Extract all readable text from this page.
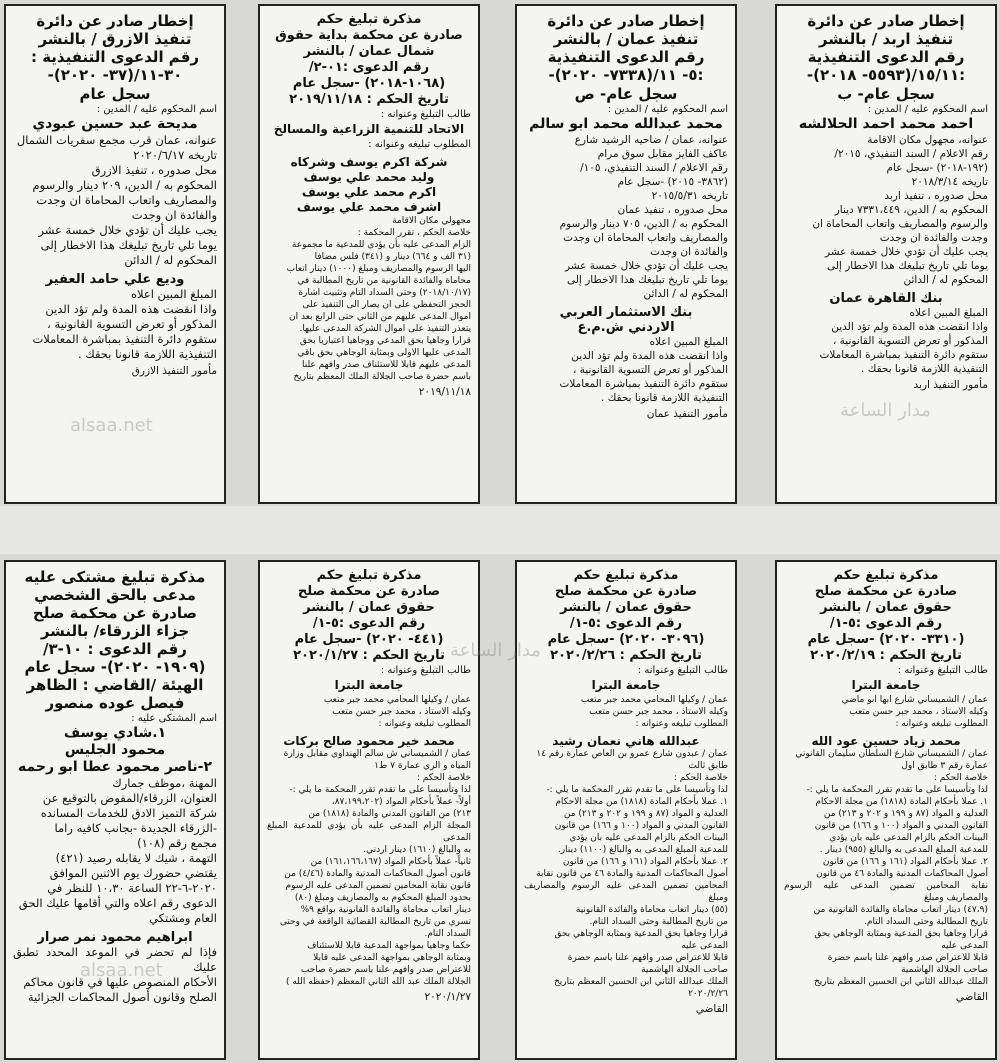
إخطار صادر عن دائرة
تنفيذ اربد / بالنشر
رقم الدعوى التنفيذية
:١٥/١١/(٥٥٩٣- ٢٠١٨)-
سجل عام- ب
اسم المحكوم عليه / المدين :
احمد محمد احمد الحلالشه
عنوانه، مجهول مكان الاقامة
رقم الاعلام / السند التنفيذي، ٢٠١٥/
(١٩٢-٢٠١٨) -سجل عام
تاريخه ٢٠١٨/٣/١٤
محل صدوره ، تنفيذ اربد
المحكوم به / الدين، ٧٣٣١،٤٤٩ دينار
والرسوم والمصاريف واتعاب المحاماة ان
وجدت والفائدة ان وجدت
يجب عليك أن تؤدي خلال خمسة عشر
يوما تلي تاريخ تبليغك هذا الاخطار إلى
المحكوم له / الدائن
بنك القاهرة عمان
المبلغ المبين اعلاه
واذا انقضت هذه المدة ولم تؤد الدين
المذكور أو تعرض التسوية القانونية ،
ستقوم دائرة التنفيذ بمباشرة المعاملات
التنفيذية اللازمة قانونا بحقك .
مأمور التنفيذ اربد
إخطار صادر عن دائرة
تنفيذ عمان / بالنشر
رقم الدعوى التنفيذية
:٥- ١١/(٧٣٣٨- ٢٠٢٠)-
سجل عام- ص
اسم المحكوم عليه / المدين :
محمد عبدالله محمد ابو سالم
عنوانه، عمان / ضاحيه الرشيد شارع
عاكف الفايز مقابل سوق مرام
رقم الاعلام / السند التنفيذي، ١٠٥/
(٣٨٦٢- ٢٠١٥) -سجل عام
تاريخه ٢٠١٥/٥/٣١
محل صدوره ، تنفيذ عمان
المحكوم به / الدين، ٧٠٥ دينار والرسوم
والمصاريف واتعاب المحاماة ان وجدت
والفائدة ان وجدت
يجب عليك أن تؤدي خلال خمسة عشر
يوما تلي تاريخ تبليغك هذا الاخطار إلى
المحكوم له / الدائن
بنك الاستثمار العربي
الاردني ش.م.ع
المبلغ المبين اعلاه
واذا انقضت هذه المدة ولم تؤد الدين
المذكور أو تعرض التسوية القانونية ،
ستقوم دائرة التنفيذ بمباشرة المعاملات
التنفيذية اللازمة قانونا بحقك .
مأمور التنفيذ عمان
مذكرة تبليغ حكم
صادرة عن محكمة بداية حقوق
شمال عمان / بالنشر
رقم الدعوى :٠١-٢/
(١٠٦٨-٢٠١٨) -سجل عام
تاريخ الحكم : ٢٠١٩/١١/١٨
طالب التبليغ وعنوانه :
الاتحاد للتنمية الزراعية والمسالخ
المطلوب تبليغه وعنوانه :
شركة اكرم يوسف وشركاه
وليد محمد علي يوسف
اكرم محمد علي يوسف
اشرف محمد علي يوسف
مجهولي مكان الاقامة
خلاصة الحكم ، تقرر المحكمة :
الزام المدعى عليه بأن يؤدي للمدعية ما مجموعة
(٣١ الف و ٦٦٤) دينار و (٣٤١) فلس مضافا
اليها الرسوم والمصاريف ومبلغ (١٠٠٠) دينار اتعاب
محاماة والفائدة القانونية من تاريخ المطالبة في
(٢٠١٨/١٠/١٧) وحتى السداد التام وتثبيت اشارة
الحجز التحفظي على ان يصار الى التنفيذ على
اموال المدعى عليهم من الثاني حتى الرابع بعد ان
يتعذر التنفيذ على اموال الشركة المدعى عليها.
قرارا وجاهيا بحق المدعي ووجاهيا اعتباريا بحق
المدعى عليها الاولى وبمثابة الوجاهي بحق باقي
المدعى عليهم قابلا للاستئناف صدر وافهم علنا
باسم حضرة صاحب الجلالة الملك المعظم بتاريخ
٢٠١٩/١١/١٨
إخطار صادر عن دائرة
تنفيذ الازرق / بالنشر
رقم الدعوى التنفيذية :
٣٠-١١/(٣٧- ٢٠٢٠)-
سجل عام
اسم المحكوم عليه / المدين :
مديحة عبد حسين عبودي
عنوانه، عمان قرب مجمع سفريات الشمال
تاريخه ٢٠٢٠/٦/١٧
محل صدوره ، تنفيذ الازرق
المحكوم به / الدين، ٢٠٩ دينار والرسوم
والمصاريف واتعاب المحاماة ان وجدت
والفائدة ان وجدت
يجب عليك أن تؤدي خلال خمسة عشر
يوما تلي تاريخ تبليغك هذا الاخطار إلى
المحكوم له / الدائن
وديع علي حامد العفير
المبلغ المبين اعلاه
واذا انقضت هذه المدة ولم تؤد الدين
المذكور أو تعرض التسوية القانونية ،
ستقوم دائرة التنفيذ بمباشرة المعاملات
التنفيذية اللازمة قانونا بحقك .
مأمور التنفيذ الازرق
مذكرة تبليغ حكم
صادرة عن محكمة صلح
حقوق عمان / بالنشر
رقم الدعوى :٥-١/
(٣٣١٠- ٢٠٢٠) -سجل عام
تاريخ الحكم : ٢٠٢٠/٢/١٩
طالب التبليغ وعنوانه :
جامعة البترا
عمان / الشميساني شارع ابها ابو ماضي
وكيله الاستاذ ، محمد جبر حسن متعب
المطلوب تبليغه وعنوانه :
محمد زياد حسين عود الله
عمان / الشميساني شارع السلطان سليمان القانوني
عمارة رقم ٣ طابق اول
خلاصة الحكم :
لذا وتأسيسا على ما تقدم تقرر المحكمة ما يلي :-
١. عملا بأحكام المادة (١٨١٨) من مجلة الاحكام
العدلية و المواد (٨٧ و ١٩٩ و ٢٠٢ و ٢١٣) من
القانون المدني و المواد (١٠٠ و ١٦٦) من قانون
البينات الحكم بالزام المدعى عليه بان يؤدي
للمدعية المبلغ المدعى به والبالغ (٩٥٥) دينار .
٢. عملا بأحكام المواد (١٦١ و ١٦٦) من قانون
أصول المحاكمات المدنية والمادة ٤٦ من قانون
نقابة المحامين تضمين المدعى عليه الرسوم والمصاريف ومبلغ
(٤٧،٩) دينار اتعاب محاماة والفائدة القانونية من
تاريخ المطالبة وحتى السداد التام.
قرارا وجاهيا بحق المدعية وبمثابة الوجاهي بحق
المدعى عليه
قابلا للاعتراض صدر وافهم علنا باسم حضرة
صاحب الجلالة الهاشمية
الملك عبدالله الثاني ابن الحسين المعظم بتاريخ
القاضي
مذكرة تبليغ حكم
صادرة عن محكمة صلح
حقوق عمان / بالنشر
رقم الدعوى :٥-١/
(٣٠٩٦- ٢٠٢٠) -سجل عام
تاريخ الحكم : ٢٠٢٠/٢/٢٦
طالب التبليغ وعنوانه :
جامعة البترا
عمان / وكيلها المحامي محمد جبر متعب
وكيله الاستاذ ، محمد جبر حسن متعب
المطلوب تبليغه وعنوانه :
عبدالله هاني نعمان رشيد
عمان / عبدون شارع عمرو بن العاص عمارة رقم ١٤
طابق ثالث
خلاصة الحكم :
لذا وتأسيسا على ما تقدم تقرر المحكمة ما يلي :-
١. عملا بأحكام المادة (١٨١٨) من مجلة الاحكام
العدلية و المواد (٨٧ و ١٩٩ و ٢٠٢ و ٢١٣) من
القانون المدني و المواد (١٠٠ و ١٦٦) من قانون
البينات الحكم بالزام المدعى عليه بان يؤدي
للمدعية المبلغ المدعى به والبالغ (١١٠٠) دينار.
٢. عملا بأحكام المواد (١٦١ و ١٦٦) من قانون
أصول المحاكمات المدنية والمادة ٤٦ من قانون نقابة
المحامين تضمين المدعى عليه الرسوم والمصاريف ومبلغ
(٥٥) دينار اتعاب محاماة والفائدة القانونية
من تاريخ المطالبة وحتى السداد التام.
قرارا وجاهيا بحق المدعية وبمثابة الوجاهي بحق
المدعى عليه
قابلا للاعتراض صدر وافهم علنا باسم حضرة
صاحب الجلالة الهاشمية
الملك عبدالله الثاني ابن الحسين المعظم بتاريخ
٢٠٢٠/٢/٢٦
القاضي
مذكرة تبليغ حكم
صادرة عن محكمة صلح
حقوق عمان / بالنشر
رقم الدعوى :٥-١/
(٤٤١- ٢٠٢٠) -سجل عام
تاريخ الحكم : ٢٠٢٠/١/٢٧
طالب التبليغ وعنوانه :
جامعة البترا
عمان / وكيلها المحامي محمد جبر متعب
وكيله الاستاذ ، محمد جبر حسن متعب
المطلوب تبليغه وعنوانه :
محمد خير محمود صالح بركات
عمان / الشميساني ش سالم الهنداوي مقابل وزارة
المياه و الري عمارة ٧ ط١
خلاصة الحكم :
لذا وتأسيسا على ما تقدم تقرر المحكمة ما يلي :-
أولاً- عملاً بأحكام المواد (٨٧،١٩٩،٢٠٢،
٢١٣) من القانون المدني والمادة (١٨١٨) من
المجلة الزام المدعى عليه بأن يؤدي للمدعية المبلغ المدعى
به والبالغ (١٦١٠) دينار اردني.
ثانياً- عملاً بأحكام المواد (١٦١،١٦٦،١٦٧) من
قانون أصول المحاكمات المدنية والمادة (٤/٤٦) من
قانون نقابة المحامين تضمين المدعى عليه الرسوم
بحدود المبلغ المحكوم به والمصاريف ومبلغ (٨٠)
دينار اتعاب محاماة والفائدة القانونية بواقع ٩%
تسري من تاريخ المطالبة القضائية الواقعة في وحتى
السداد التام.
حكما وجاهيا بمواجهة المدعية قابلا للاستئناف
وبمثابة الوجاهي بمواجهة المدعى عليه قابلا
للاعتراض صدر وافهم علنا باسم حضرة صاحب
الجلالة الملك عبد الله الثاني المعظم (حفظه الله )
٢٠٢٠/١/٢٧
مذكرة تبليغ مشتكى عليه
مدعى بالحق الشخصي
صادرة عن محكمة صلح
جزاء الزرقاء/ بالنشر
رقم الدعوى : ١٠-٣/
(١٩٠٩- ٢٠٢٠)- سجل عام
الهيئة /القاضي : الظاهر
فيصل عوده منصور
اسم المشتكى عليه :
١.شادي يوسف
محمود الجليس
٢-ناصر محمود عطا ابو رحمه
المهنة ،موظف جمارك
العنوان، الزرقاء/المفوض بالتوقيع عن
شركة التميز الادق للخدمات المسانده
-الزرقاء الجديدة -بجانب كافيه راما
مجمع رقم (١٠٨)
التهمة ، شيك لا يقابله رصيد (٤٢١)
يقتضي حضورك يوم الاثنين الموافق
٢٠٢٠-٦-٢٢ الساعة ١٠،٣٠ للنظر في
الدعوى رقم اعلاه والتي أقامها عليك الحق
العام ومشتكي
ابراهيم محمود نمر صرار
فإذا لم تحضر في الموعد المحدد تطبق عليك
الأحكام المنصوص عليها في قانون محاكم
الصلح وقانون أصول المحاكمات الجزائية
مدار الساعة
alsaa.net
مدار الساعة
alsaa.net
